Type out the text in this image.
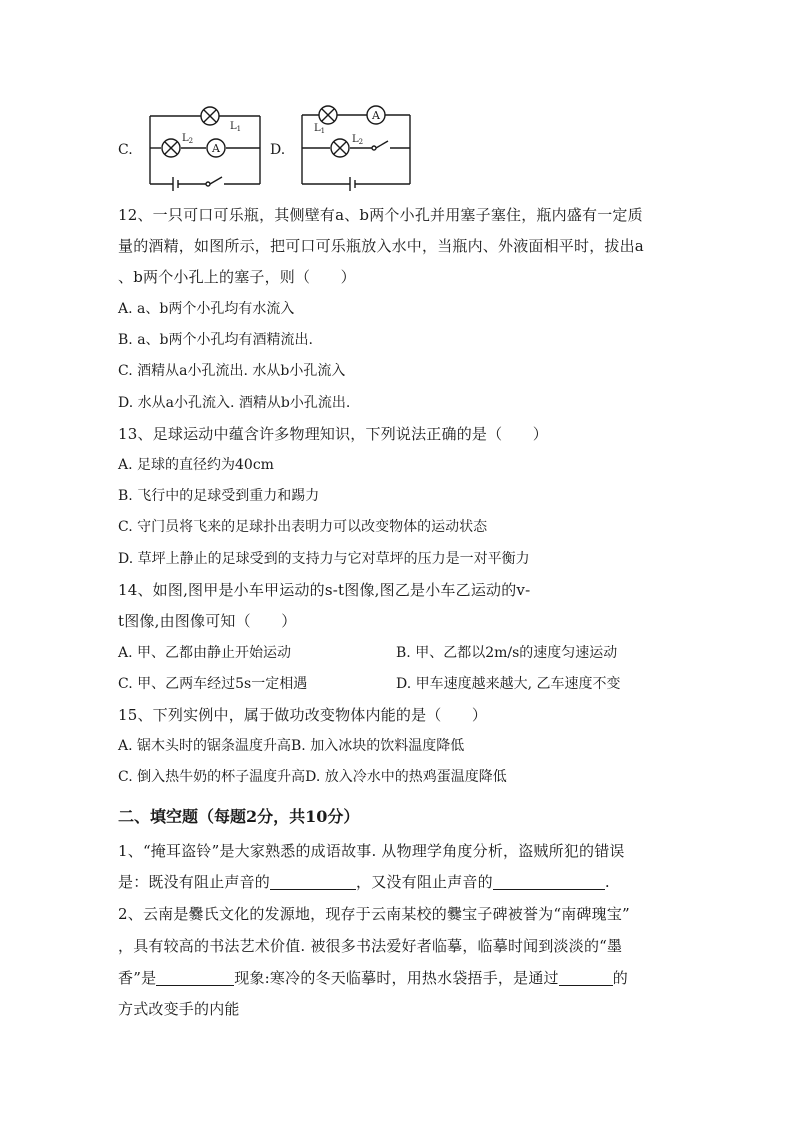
C.	D.
$L_1$
$L_2$
A
$L_1$
A
$L_2$
12、一只可口可乐瓶，其侧壁有a、b两个小孔并用塞子塞住，瓶内盛有一定质
量的酒精，如图所示，把可口可乐瓶放入水中，当瓶内、外液面相平时，拔出a
、b两个小孔上的塞子，则（　　）
A. a、b两个小孔均有水流入
B. a、b两个小孔均有酒精流出.
C. 酒精从a小孔流出. 水从b小孔流入
D. 水从a小孔流入. 酒精从b小孔流出.
13、足球运动中蕴含许多物理知识，下列说法正确的是（　　）
A. 足球的直径约为40cm
B. 飞行中的足球受到重力和踢力
C. 守门员将飞来的足球扑出表明力可以改变物体的运动状态
D. 草坪上静止的足球受到的支持力与它对草坪的压力是一对平衡力
14、如图,图甲是小车甲运动的s-t图像,图乙是小车乙运动的v-
t图像,由图像可知（　　）
A. 甲、乙都由静止开始运动	B. 甲、乙都以2m/s的速度匀速运动
C. 甲、乙两车经过5s一定相遇	D. 甲车速度越来越大, 乙车速度不变
15、下列实例中，属于做功改变物体内能的是（　　）
A. 锯木头时的锯条温度升高B. 加入冰块的饮料温度降低
C. 倒入热牛奶的杯子温度升高D. 放入冷水中的热鸡蛋温度降低
二、填空题（每题2分，共10分）
1、“掩耳盗铃”是大家熟悉的成语故事. 从物理学角度分析，盗贼所犯的错误
是：既没有阻止声音的	，又没有阻止声音的	.
2、云南是爨氏文化的发源地，现存于云南某校的爨宝子碑被誉为“南碑瑰宝”
，具有较高的书法艺术价值. 被很多书法爱好者临摹，临摹时闻到淡淡的“墨
香”是	现象:寒冷的冬天临摹时，用热水袋捂手，是通过	的
方式改变手的内能
